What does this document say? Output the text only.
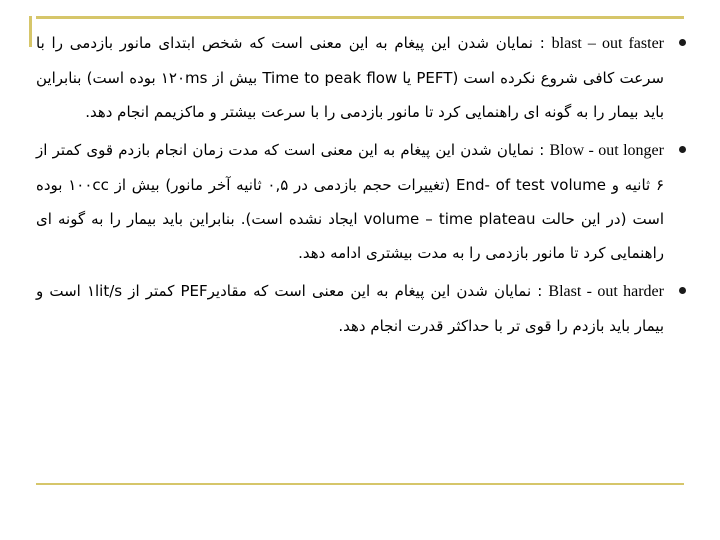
blast – out faster : نمایان شدن این پیغام به این معنی است که شخص ابتدای مانور بازدمی را با سرعت کافی شروع نکرده است (PEFT یا Time to peak flow بیش از ۱۲۰ms بوده است) بنابراین باید بیمار را به گونه ای راهنمایی کرد تا مانور بازدمی را با سرعت بیشتر و ماکزیمم انجام دهد.

Blow - out longer : نمایان شدن این پیغام به این معنی است که مدت زمان انجام بازدم قوی کمتر از ۶ ثانیه و End- of test volume (تغییرات حجم بازدمی در ۰,۵ ثانیه آخر مانور) بیش از ۱۰۰cc بوده است (در این حالت volume – time plateau ایجاد نشده است). بنابراین باید بیمار را به گونه ای راهنمایی کرد تا مانور بازدمی را به مدت بیشتری ادامه دهد.

Blast - out harder : نمایان شدن این پیغام به این معنی است که مقادیرPEF کمتر از ۱lit/s است و بیمار باید بازدم را قوی تر با حداکثر قدرت انجام دهد.
